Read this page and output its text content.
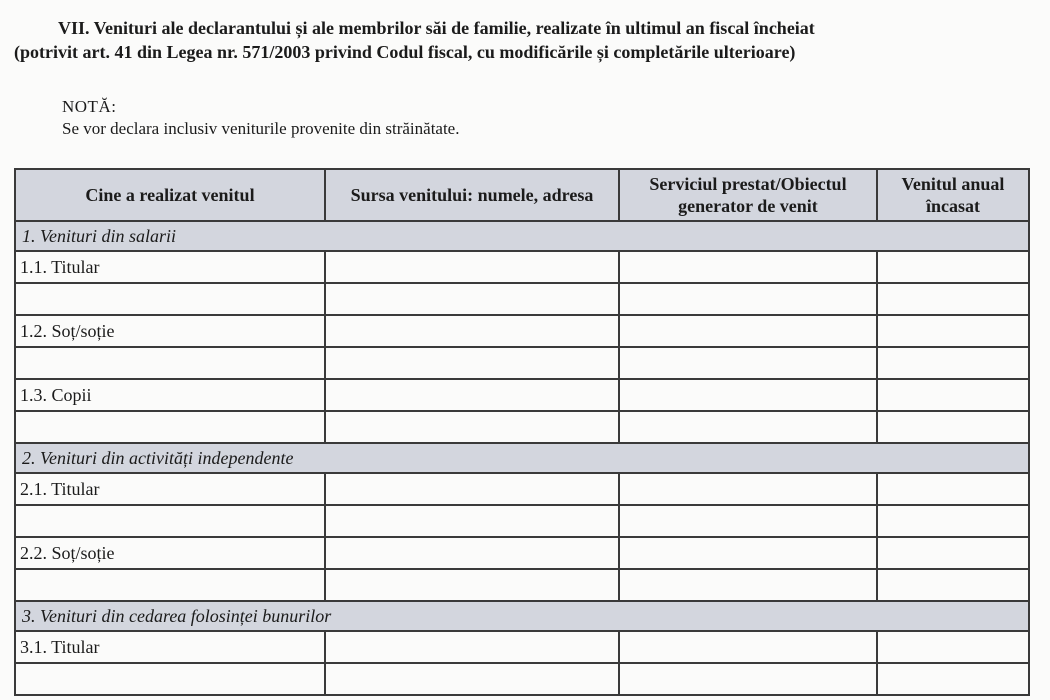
VII. Venituri ale declarantului și ale membrilor săi de familie, realizate în ultimul an fiscal încheiat
(potrivit art. 41 din Legea nr. 571/2003 privind Codul fiscal, cu modificările și completările ulterioare)
NOTĂ:
Se vor declara inclusiv veniturile provenite din străinătate.
Cine a realizat venitul	Sursa venitului: numele, adresa	Serviciul prestat/Obiectul generator de venit	Venitul anual încasat
1. Venituri din salarii			
1.1. Titular			

1.2. Soț/soție			

1.3. Copii			

2. Venituri din activități independente			
2.1. Titular			

2.2. Soț/soție			

3. Venituri din cedarea folosinței bunurilor			
3.1. Titular			
